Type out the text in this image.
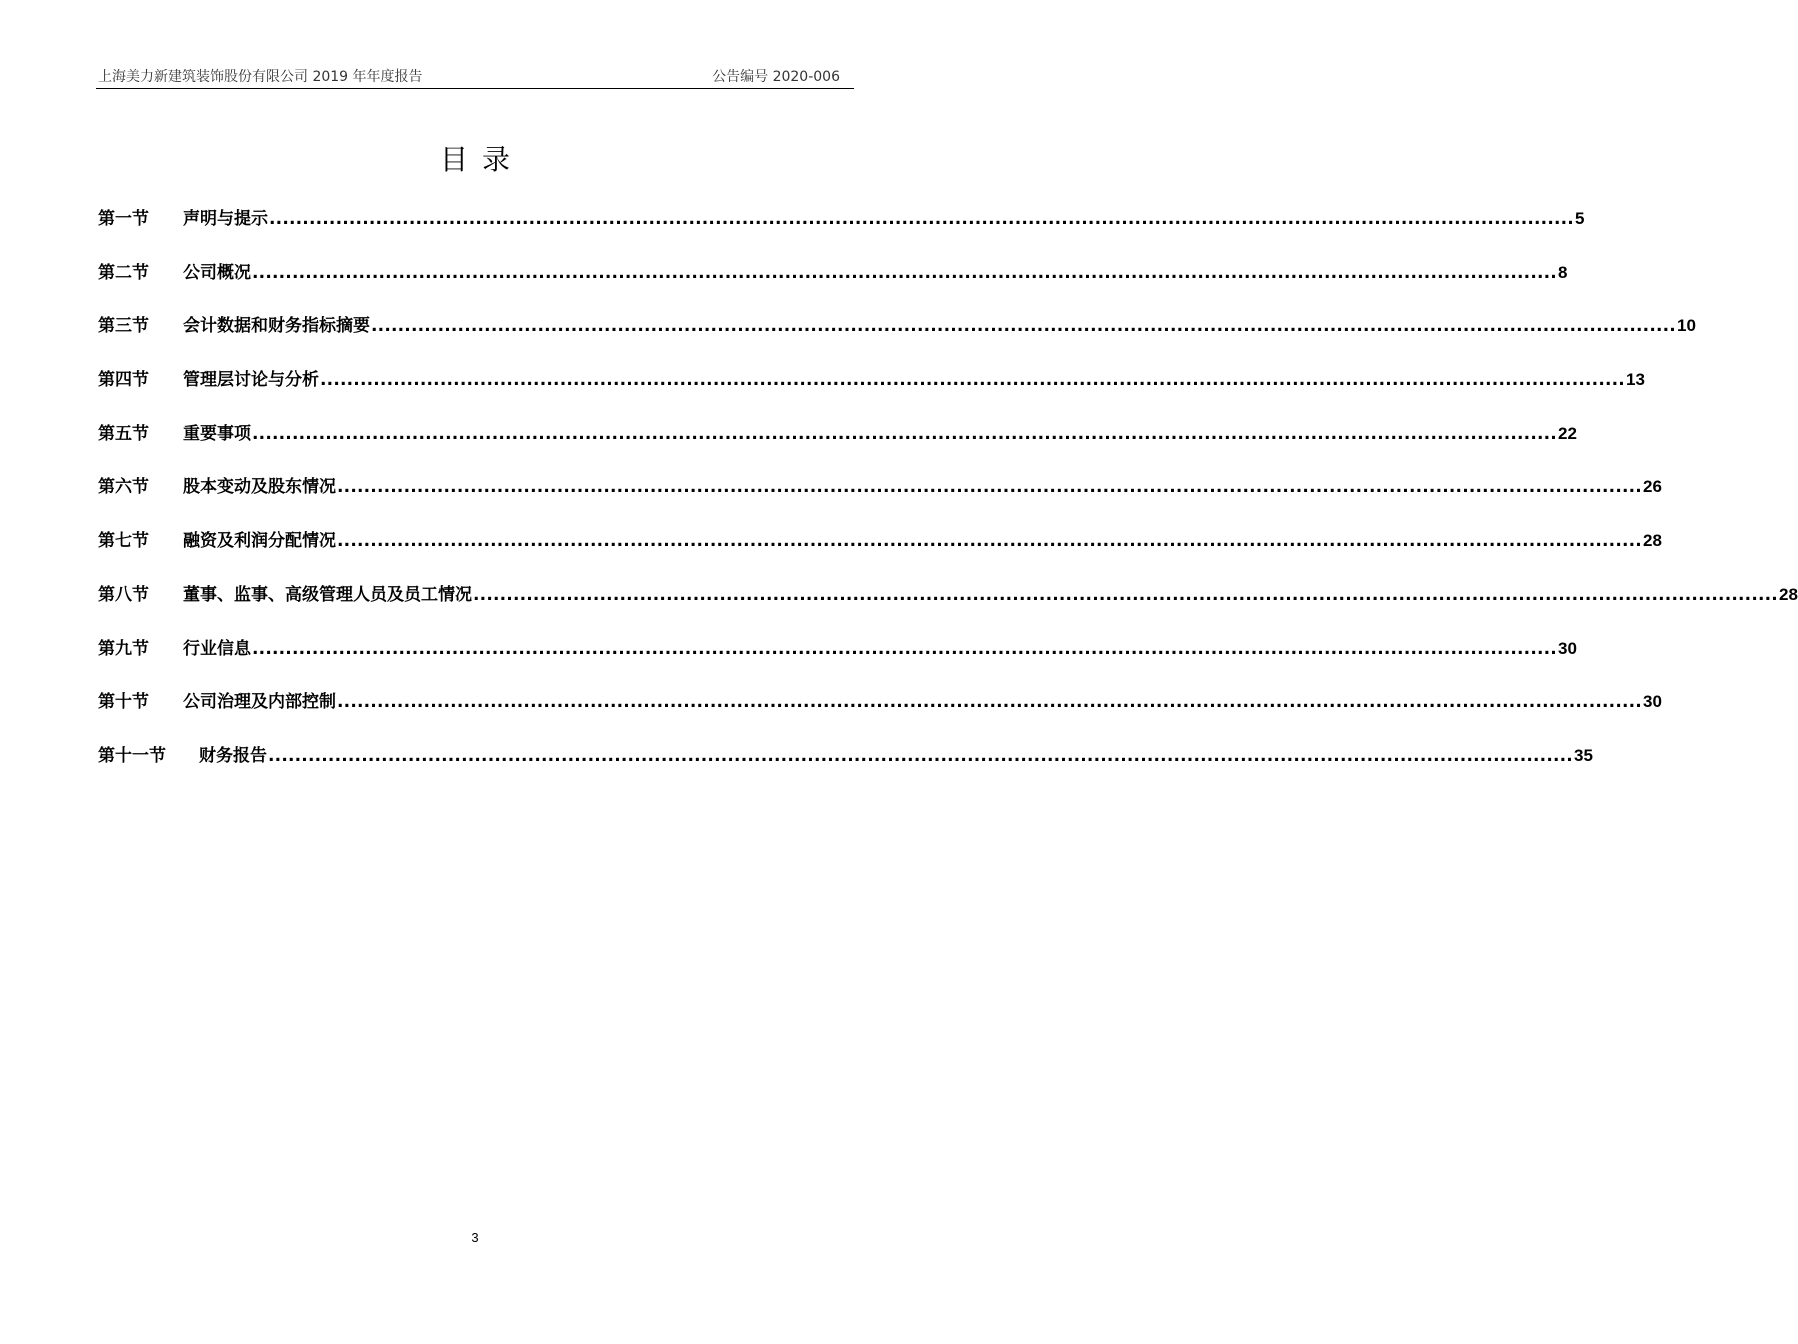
上海美力新建筑装饰股份有限公司 2019 年年度报告	公告编号 2020-006
目录
第一节	声明与提示 .................................................................................................................................................................................................... 5
第二节	公司概况 .................................................................................................................................................................................................... 8
第三节	会计数据和财务指标摘要 .................................................................................................................................................................................................... 10
第四节	管理层讨论与分析 .................................................................................................................................................................................................... 13
第五节	重要事项 .................................................................................................................................................................................................... 22
第六节	股本变动及股东情况 .................................................................................................................................................................................................... 26
第七节	融资及利润分配情况 .................................................................................................................................................................................................... 28
第八节	董事、监事、高级管理人员及员工情况 .................................................................................................................................................................................................... 28
第九节	行业信息 .................................................................................................................................................................................................... 30
第十节	公司治理及内部控制 .................................................................................................................................................................................................... 30
第十一节	财务报告 .................................................................................................................................................................................................... 35
3
